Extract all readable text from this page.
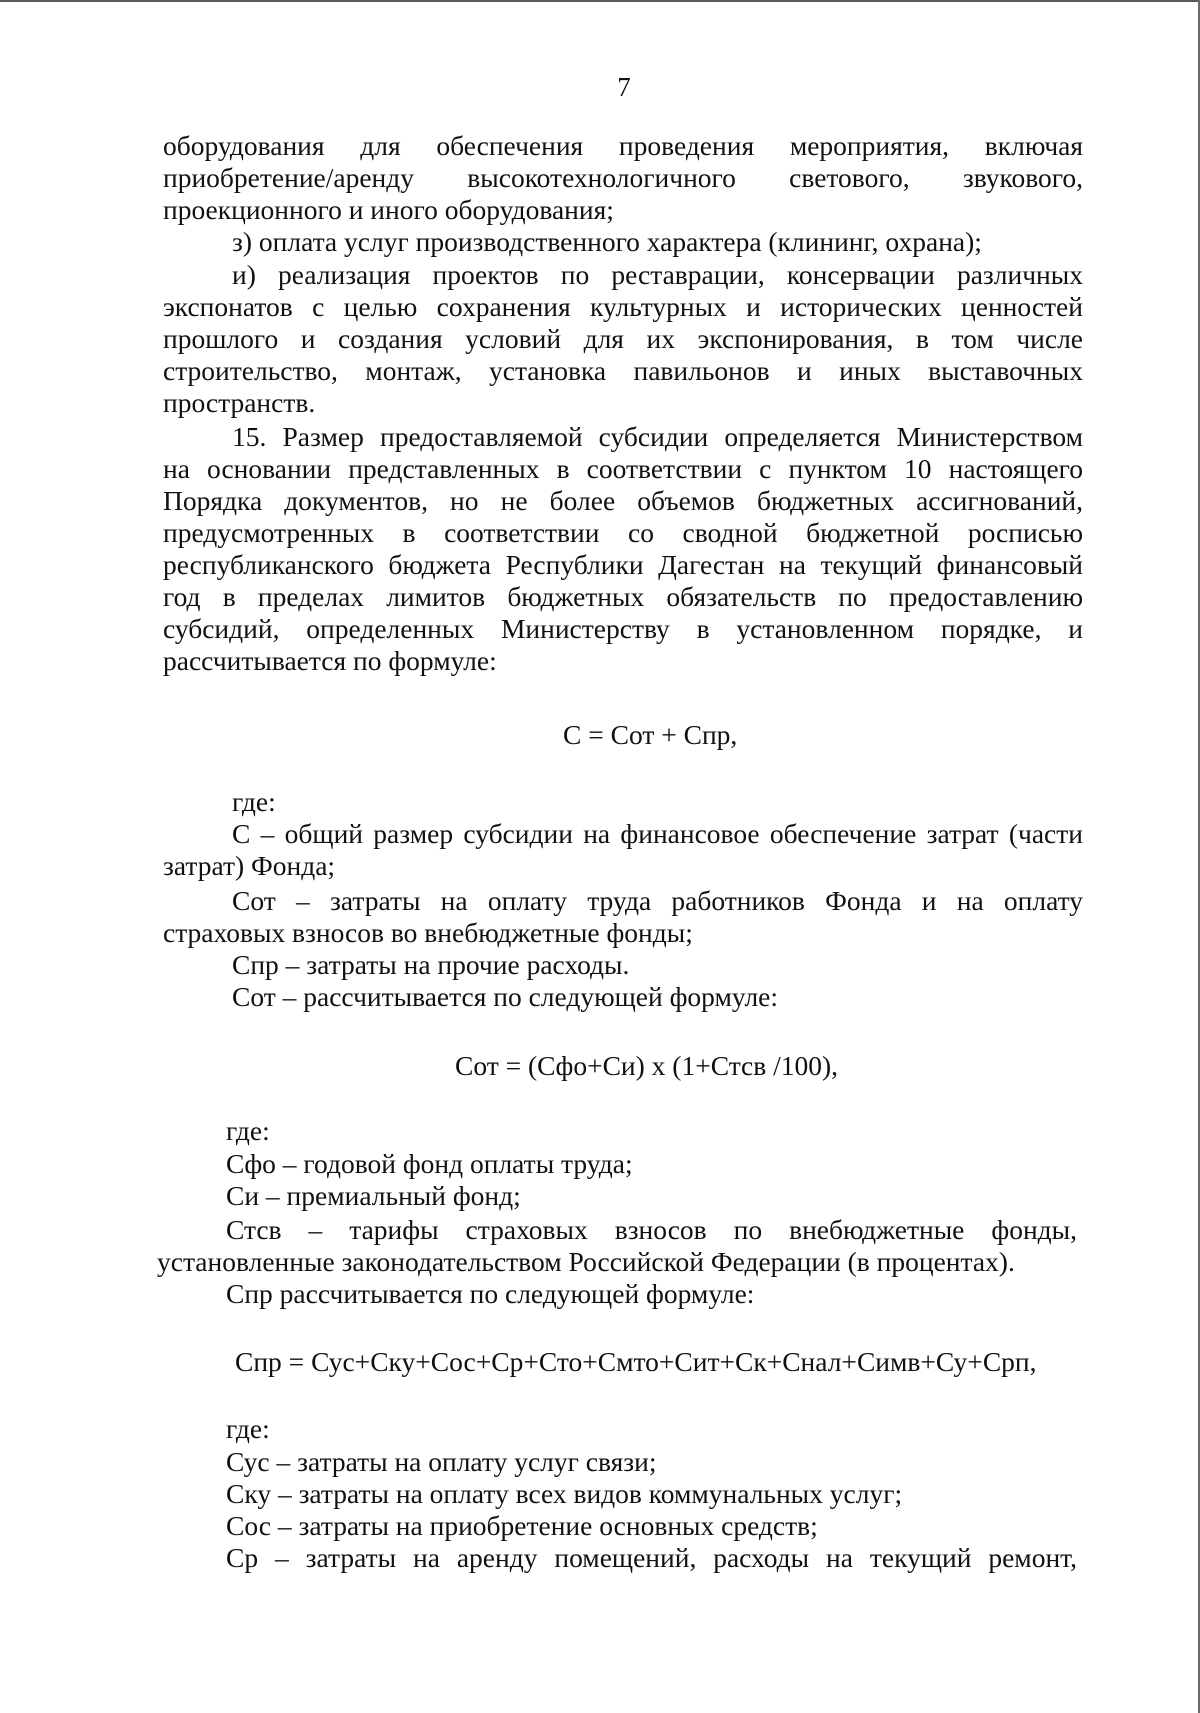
7
оборудования для обеспечения проведения мероприятия, включая
приобретение/аренду высокотехнологичного светового, звукового,
проекционного и иного оборудования;
з) оплата услуг производственного характера (клининг, охрана);
и) реализация проектов по реставрации, консервации различных
экспонатов с целью сохранения культурных и исторических ценностей
прошлого и создания условий для их экспонирования, в том числе
строительство, монтаж, установка павильонов и иных выставочных
пространств.
15. Размер предоставляемой субсидии определяется Министерством
на основании представленных в соответствии с пунктом 10 настоящего
Порядка документов, но не более объемов бюджетных ассигнований,
предусмотренных в соответствии со сводной бюджетной росписью
республиканского бюджета Республики Дагестан на текущий финансовый
год в пределах лимитов бюджетных обязательств по предоставлению
субсидий, определенных Министерству в установленном порядке, и
рассчитывается по формуле:
С = Сот + Спр,
где:
С – общий размер субсидии на финансовое обеспечение затрат (части
затрат) Фонда;
Сот – затраты на оплату труда работников Фонда и на оплату
страховых взносов во внебюджетные фонды;
Спр – затраты на прочие расходы.
Сот – рассчитывается по следующей формуле:
Сот = (Сфо+Си) х (1+Стсв /100),
где:
Сфо – годовой фонд оплаты труда;
Си – премиальный фонд;
Стсв – тарифы страховых взносов по внебюджетные фонды,
установленные законодательством Российской Федерации (в процентах).
Спр рассчитывается по следующей формуле:
Спр = Сус+Cку+Сос+Ср+Сто+Смто+Сит+Ск+Снал+Симв+Су+Срп,
где:
Сус – затраты на оплату услуг связи;
Cку – затраты на оплату всех видов коммунальных услуг;
Сос – затраты на приобретение основных средств;
Ср – затраты на аренду помещений, расходы на текущий ремонт,
